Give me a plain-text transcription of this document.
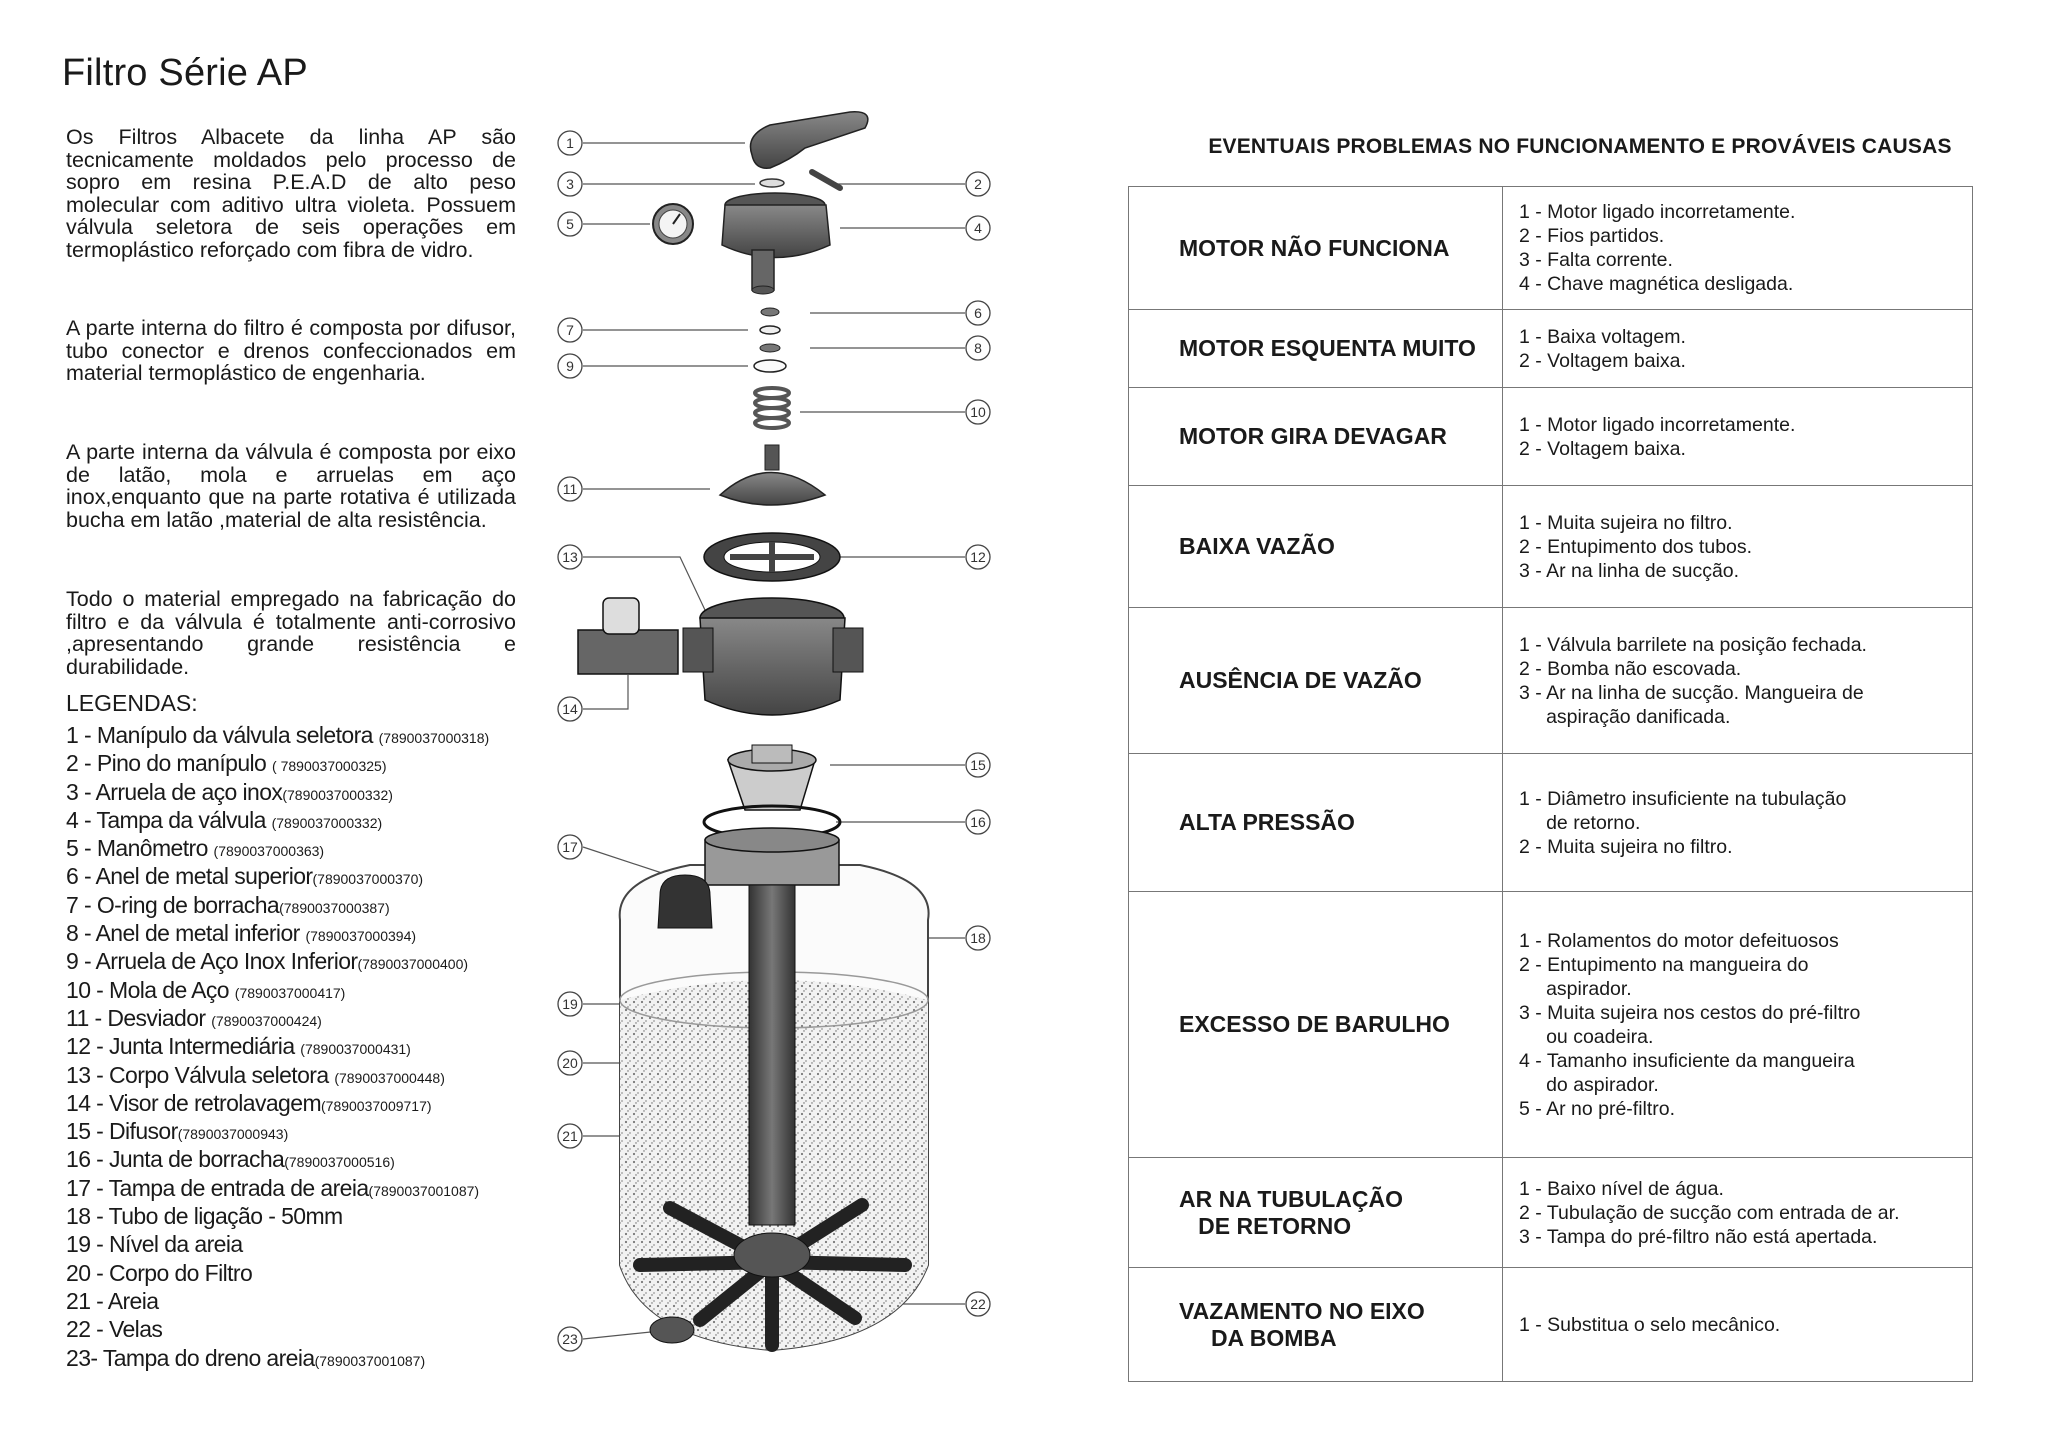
Filtro Série AP

Os Filtros Albacete da linha AP são tecnicamente moldados pelo processo de sopro em resina P.E.A.D de alto peso molecular com aditivo ultra violeta. Possuem válvula seletora de seis operações em termoplástico reforçado com fibra de vidro.

A parte interna do filtro é composta por difusor, tubo conector e drenos confeccionados em material termoplástico de engenharia.

A parte interna da válvula é composta por eixo de latão, mola e arruelas em aço inox,enquanto que na parte rotativa é utilizada bucha em latão ,material de alta resistência.

Todo o material empregado na fabricação do filtro e da válvula é totalmente anti-corrosivo ,apresentando grande resistência e durabilidade.

LEGENDAS:
1 - Manípulo da válvula seletora (7890037000318)
2 - Pino do manípulo ( 7890037000325)
3 - Arruela de aço inox(7890037000332)
4 - Tampa da válvula (7890037000332)
5 - Manômetro (7890037000363)
6 - Anel de metal superior(7890037000370)
7 - O-ring de borracha(7890037000387)
8 - Anel de metal inferior (7890037000394)
9 - Arruela de Aço Inox Inferior(7890037000400)
10 - Mola de Aço (7890037000417)
11 - Desviador (7890037000424)
12 - Junta Intermediária (7890037000431)
13 - Corpo Válvula seletora (7890037000448)
14 - Visor de retrolavagem(7890037009717)
15 - Difusor(7890037000943)
16 - Junta de borracha(7890037000516)
17 - Tampa de entrada de areia(7890037001087)
18 - Tubo de ligação - 50mm
19 - Nível da areia
20 - Corpo do Filtro
21 - Areia
22 - Velas
23- Tampa do dreno areia(7890037001087)
1
2
3
4
5
6
7
8
9
10
11
12
13
14
15
16
17
18
19
20
21
22
23
EVENTUAIS PROBLEMAS NO FUNCIONAMENTO E PROVÁVEIS CAUSAS
MOTOR NÃO FUNCIONA
1 - Motor ligado incorretamente.
2 - Fios partidos.
3 - Falta corrente.
4 - Chave magnética desligada.
MOTOR ESQUENTA MUITO 1 - Baixa voltagem.
2 - Voltagem baixa.
MOTOR GIRA DEVAGAR	1 - Motor ligado incorretamente.
2 - Voltagem baixa.
BAIXA VAZÃO
1 - Muita sujeira no filtro.
2 - Entupimento dos tubos.
3 - Ar na linha de sucção.
AUSÊNCIA DE VAZÃO
1 - Válvula barrilete na posição fechada.
2 - Bomba não escovada.
3 - Ar na linha de sucção. Mangueira de
aspiração danificada.
ALTA PRESSÃO
1 - Diâmetro insuficiente na tubulação
de retorno.
2 - Muita sujeira no filtro.
EXCESSO DE BARULHO
1 - Rolamentos do motor defeituosos
2 - Entupimento na mangueira do
aspirador.
3 - Muita sujeira nos cestos do pré-filtro
ou coadeira.
4 - Tamanho insuficiente da mangueira
do aspirador.
5 - Ar no pré-filtro.
AR NA TUBULAÇÃO
DE RETORNO
1 - Baixo nível de água.
2 - Tubulação de sucção com entrada de ar.
3 - Tampa do pré-filtro não está apertada.
VAZAMENTO NO EIXO
DA BOMBA	1 - Substitua o selo mecânico.
